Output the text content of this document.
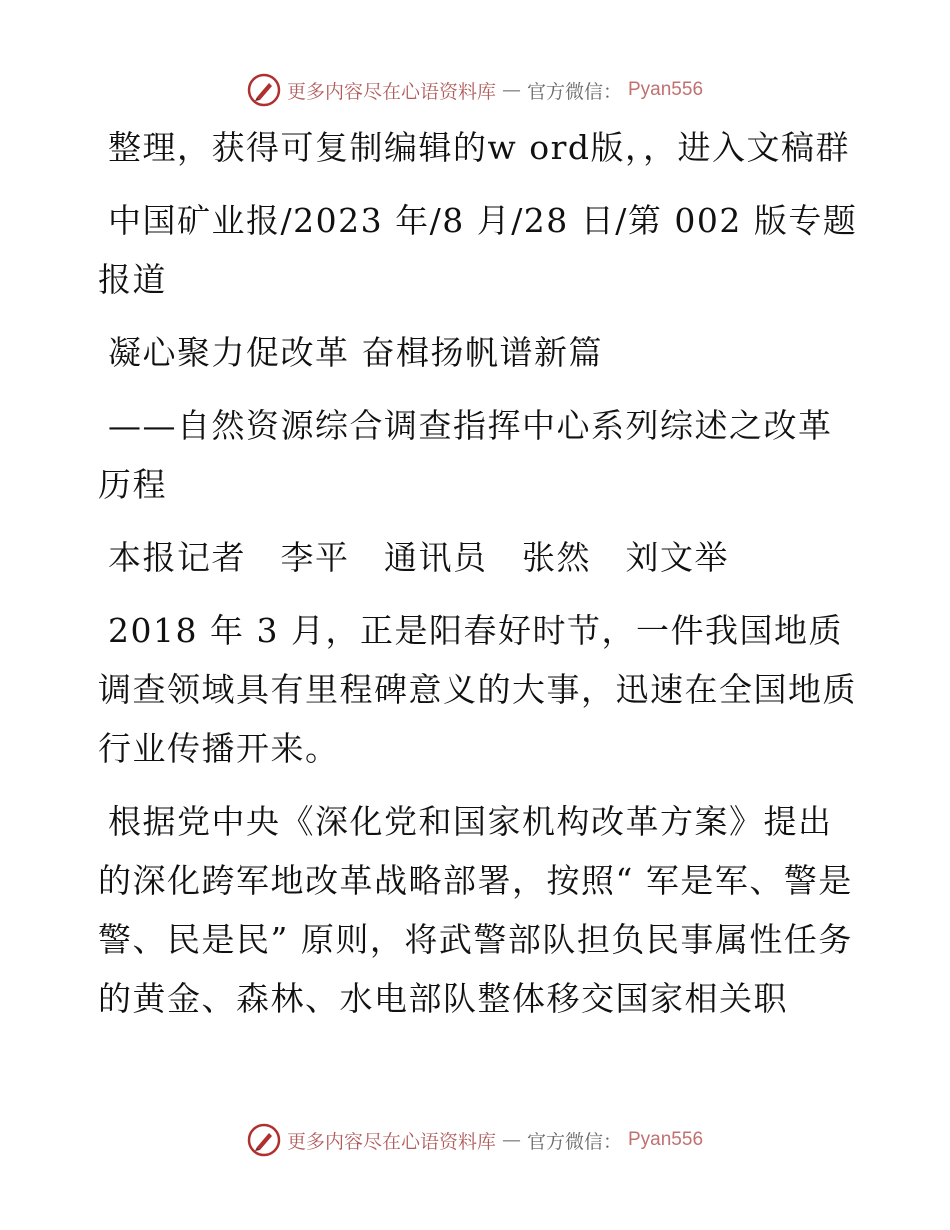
更多内容尽在心语资料库 — 官方微信： Pyan556

整理，获得可复制编辑的w ord版，，进入文稿群

中国矿业报/2023 年/8 月/28 日/第 002 版专题报道

凝心聚力促改革 奋楫扬帆谱新篇

——自然资源综合调查指挥中心系列综述之改革历程

本报记者　李平　通讯员　张然　刘文举

2018 年 3 月，正是阳春好时节，一件我国地质调查领域具有里程碑意义的大事，迅速在全国地质行业传播开来。

根据党中央《深化党和国家机构改革方案》提出的深化跨军地改革战略部署，按照“ 军是军、警是警、民是民” 原则，将武警部队担负民事属性任务的黄金、森林、水电部队整体移交国家相关职

更多内容尽在心语资料库 — 官方微信： Pyan556
